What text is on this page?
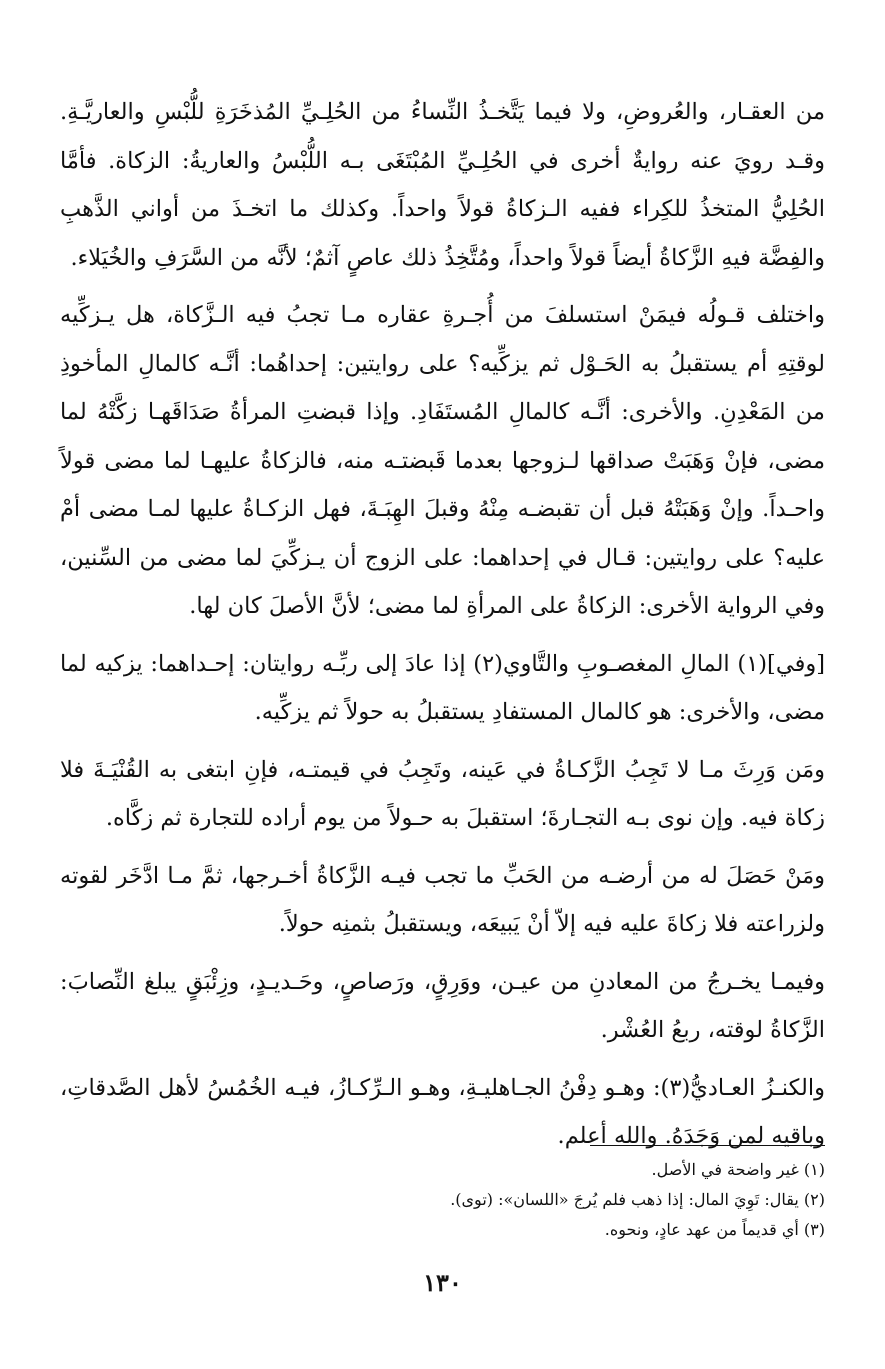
من العقـار، والعُروضِ، ولا فيما يَتَّخـذُ النِّساءُ من الحُلِـيِّ المُذخَرَةِ للُّبْسِ والعاريَّـةِ. وقـد رويَ عنه روايةٌ أخرى في الحُلِـيِّ المُبْتَغَى بـه اللُّبْسُ والعاريةُ: الزكاة. فأمَّا الحُلِيُّ المتخذُ للكِراء ففيه الـزكاةُ قولاً واحداً. وكذلك ما اتخـذَ من أواني الذَّهبِ والفِضَّة فيهِ الزَّكاةُ أيضاً قولاً واحداً، ومُتَّخِذُ ذلك عاصٍ آثمٌ؛ لأنَّه من السَّرَفِ والخُيَلاء.

واختلف قـولُه فيمَنْ استسلفَ من أُجـرةِ عقاره مـا تجبُ فيه الـزَّكاة، هل يـزكِّيه لوقتِهِ أم يستقبلُ به الحَـوْل ثم يزكِّيه؟ على روايتين: إحداهُما: أنَّـه كالمالِ المأخوذِ من المَعْدِنِ. والأخرى: أنَّـه كالمالِ المُستَفَادِ. وإذا قبضتِ المرأةُ صَدَاقَهـا زكَّتْهُ لما مضى، فإنْ وَهَبَتْ صداقها لـزوجها بعدما قَبضتـه منه، فالزكاةُ عليهـا لما مضى قولاً واحـداً. وإنْ وَهَبَتْهُ قبل أن تقبضـه مِنْهُ وقبلَ الهِبَـةَ، فهل الزكـاةُ عليها لمـا مضى أمْ عليه؟ على روايتين: قـال في إحداهما: على الزوج أن يـزكِّيَ لما مضى من السِّنين، وفي الرواية الأخرى: الزكاةُ على المرأةِ لما مضى؛ لأنَّ الأصلَ كان لها.

[وفي](١) المالِ المغصـوبِ والتَّاوي(٢) إذا عادَ إلى ربِّـه روايتان: إحـداهما: يزكيه لما مضى، والأخرى: هو كالمال المستفادِ يستقبلُ به حولاً ثم يزكِّيه.

ومَن وَرِثَ مـا لا تَجِبُ الزَّكـاةُ في عَينه، وتَجِبُ في قيمتـه، فإنِ ابتغى به القُنْيَـةَ فلا زكاة فيه. وإن نوى بـه التجـارةَ؛ استقبلَ به حـولاً من يوم أراده للتجارة ثم زكَّاه.

ومَنْ حَصَلَ له من أرضـه من الحَبِّ ما تجب فيـه الزَّكاةُ أخـرجها، ثمَّ مـا ادَّخَر لقوته ولزراعته فلا زكاةَ عليه فيه إلاّ أنْ يَبيعَه، ويستقبلُ بثمنِه حولاً.

وفيمـا يخـرجُ من المعادنِ من عيـن، ووَرِقٍ، ورَصاصٍ، وحَـديـدٍ، وزِئْبَقٍ يبلغ النِّصابَ: الزَّكاةُ لوقته، ربعُ العُشْر.

والكنـزُ العـاديُّ(٣): وهـو دِفْنُ الجـاهليـةِ، وهـو الـرِّكـازُ، فيـه الخُمُسُ لأهل الصَّدقاتِ، وباقيه لمن وَجَدَهُ. والله أعلم.

(١) غير واضحة في الأصل.

(٢) يقال: تَوِيَ المال: إذا ذهب فلم يُرجَ «اللسان»: (توى).

(٣) أي قديماً من عهد عادٍ، ونحوه.

١٣٠
